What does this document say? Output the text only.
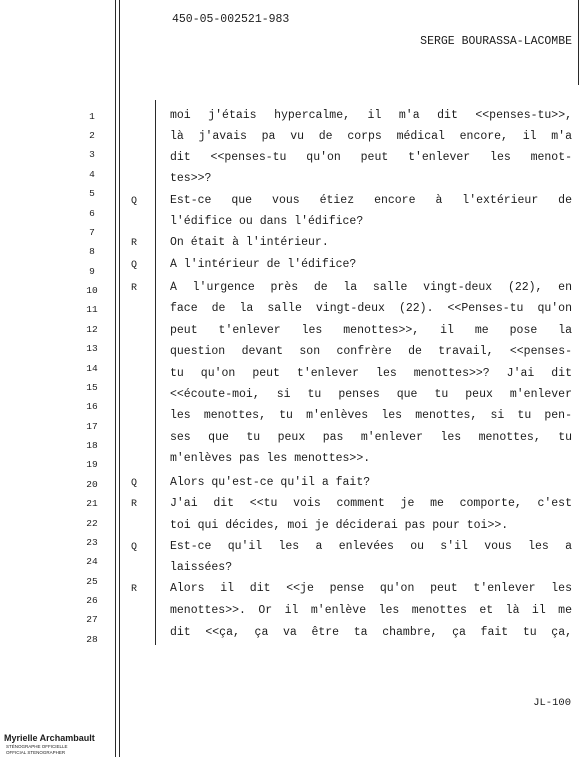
450-05-002521-983
SERGE BOURASSA-LACOMBE
1
2
3
4
5
6
7
8
9
10
11
12
13
14
15
16
17
18
19
20
21
22
23
24
25
26
27
28
moi j'étais hypercalme, il m'a dit <<penses-tu>>,
là j'avais pa vu de corps médical encore, il m'a
dit <<penses-tu qu'on peut t'enlever les menot-
tes>>?
Q	Est-ce que vous étiez encore à l'extérieur de
l'édifice ou dans l'édifice?
R	On était à l'intérieur.
Q	À l'intérieur de l'édifice?
R	À l'urgence près de la salle vingt-deux (22), en
face de la salle vingt-deux (22). <<Penses-tu qu'on
peut t'enlever les menottes>>, il me pose la
question devant son confrère de travail, <<penses-
tu qu'on peut t'enlever les menottes>>? J'ai dit
<<écoute-moi, si tu penses que tu peux m'enlever
les menottes, tu m'enlèves les menottes, si tu pen-
ses que tu peux pas m'enlever les menottes, tu
m'enlèves pas les menottes>>.
Q	Alors qu'est-ce qu'il a fait?
R	J'ai dit <<tu vois comment je me comporte, c'est
toi qui décides, moi je déciderai pas pour toi>>.
Q	Est-ce qu'il les a enlevées ou s'il vous les a
laissées?
R	Alors il dit <<je pense qu'on peut t'enlever les
menottes>>. Or il m'enlève les menottes et là il me
dit <<ça, ça va être ta chambre, ça fait tu ça,
JL-100
Myrielle Archambault
STÉNOGRAPHE OFFICIELLE
OFFICIAL STENOGRAPHER
